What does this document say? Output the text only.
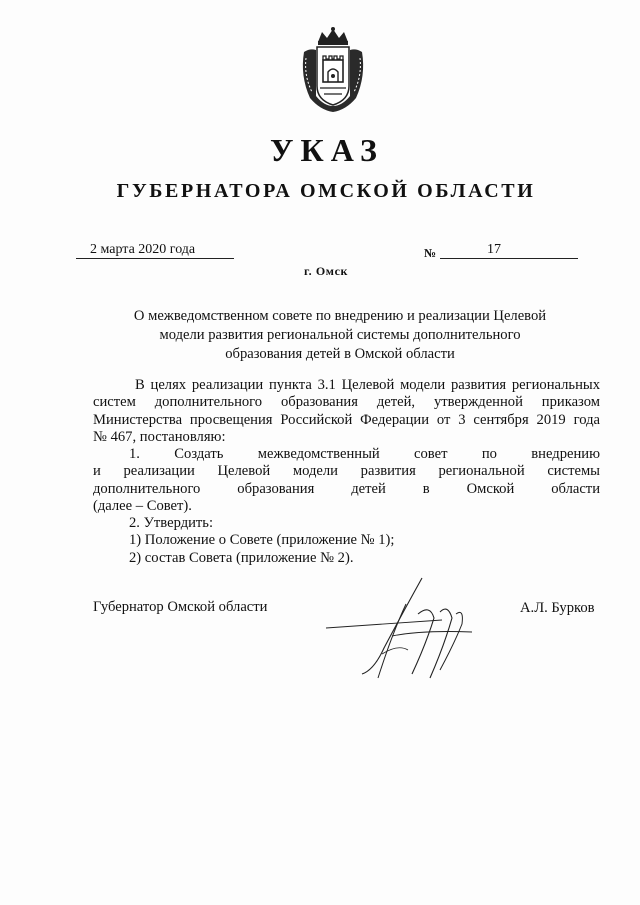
УКАЗ
ГУБЕРНАТОРА ОМСКОЙ ОБЛАСТИ
2 марта 2020 года	№	17
г. Омск
О межведомственном совете по внедрению и реализации Целевой
модели развития региональной системы дополнительного
образования детей в Омской области
В целях реализации пункта 3.1 Целевой модели развития региональных
систем дополнительного образования детей, утвержденной приказом
Министерства просвещения Российской Федерации от 3 сентября 2019 года
№ 467, постановляю:
1. Создать межведомственный совет по внедрению
и реализации Целевой модели развития региональной системы
дополнительного образования детей в Омской области
(далее – Совет).
2. Утвердить:
1) Положение о Совете (приложение № 1);
2) состав Совета (приложение № 2).
Губернатор Омской области	А.Л. Бурков
